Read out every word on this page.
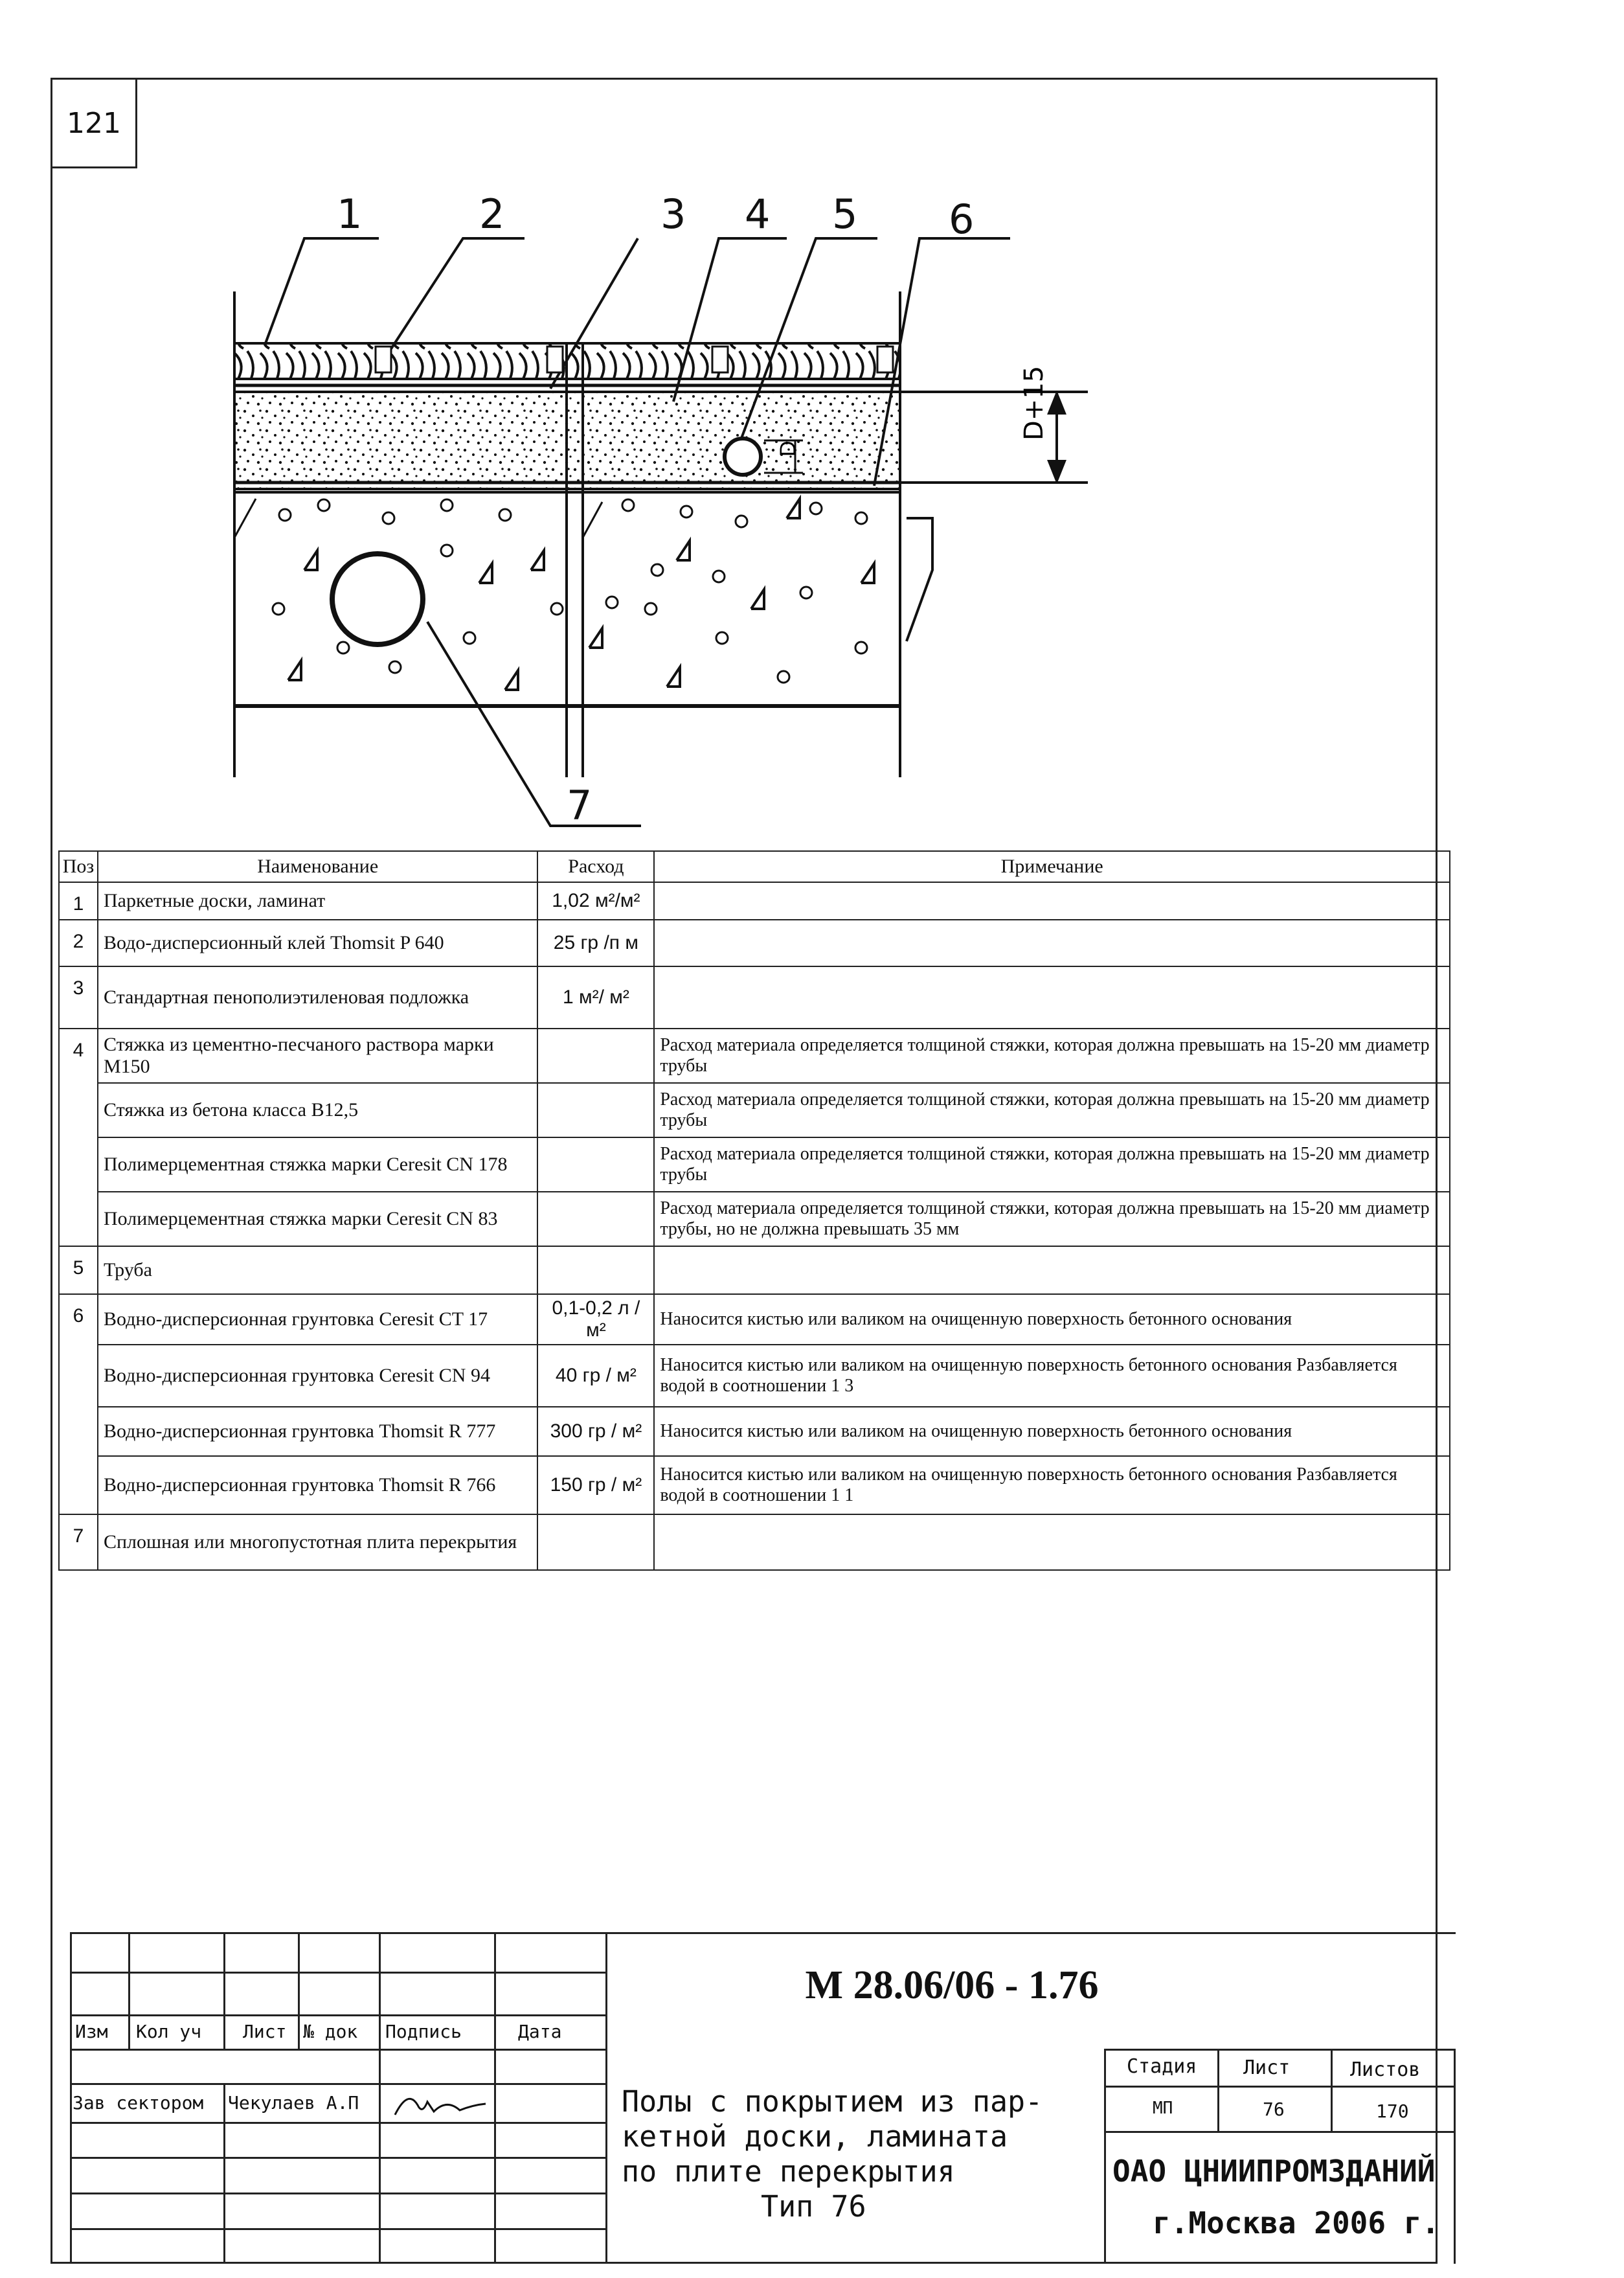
121
1	2	3 4 5 6
7
D
D+15
Поз	Наименование	Расход	Примечание
1	Паркетные доски, ламинат	1,02 м²/м²	
2	Водо-дисперсионный клей Thomsit P 640	25 гр /п м	
3	Стандартная пенополиэтиленовая подложка	1 м²/ м²	
4	Стяжка из цементно-песчаного раствора марки М150		Расход материала определяется толщиной стяжки, которая должна превышать на 15-20 мм диаметр трубы
	Стяжка из бетона класса В12,5		Расход материала определяется толщиной стяжки, которая должна превышать на 15-20 мм диаметр трубы
	Полимерцементная стяжка марки Ceresit CN 178		Расход материала определяется толщиной стяжки, которая должна превышать на 15-20 мм диаметр трубы
	Полимерцементная стяжка марки Ceresit CN 83		Расход материала определяется толщиной стяжки, которая должна превышать на 15-20 мм диаметр трубы, но не должна превышать 35 мм
5	Труба		
6	Водно-дисперсионная грунтовка Ceresit CT 17	0,1-0,2 л / м²	Наносится кистью или валиком на очищенную поверхность бетонного основания
	Водно-дисперсионная грунтовка Ceresit CN 94	40 гр / м²	Наносится кистью или валиком на очищенную поверхность бетонного основания Разбавляется водой в соотношении 1 3
	Водно-дисперсионная грунтовка Thomsit R 777	300 гр / м²	Наносится кистью или валиком на очищенную поверхность бетонного основания
	Водно-дисперсионная грунтовка Thomsit R 766	150 гр / м²	Наносится кистью или валиком на очищенную поверхность бетонного основания Разбавляется водой в соотношении 1 1
7	Сплошная или многопустотная плита перекрытия		
М 28.06/06 - 1.76
Изм Кол уч Лист № док Подпись	Дата
Зав сектором Чекулаев А.П	Полы с покрытием из пар-
кетной доски, ламината
по плите перекрытия
Тип 76
Стадия Лист	Листов
МП	76	170
ОАО ЦНИИПРОМЗДАНИЙ
г.Москва 2006 г.
